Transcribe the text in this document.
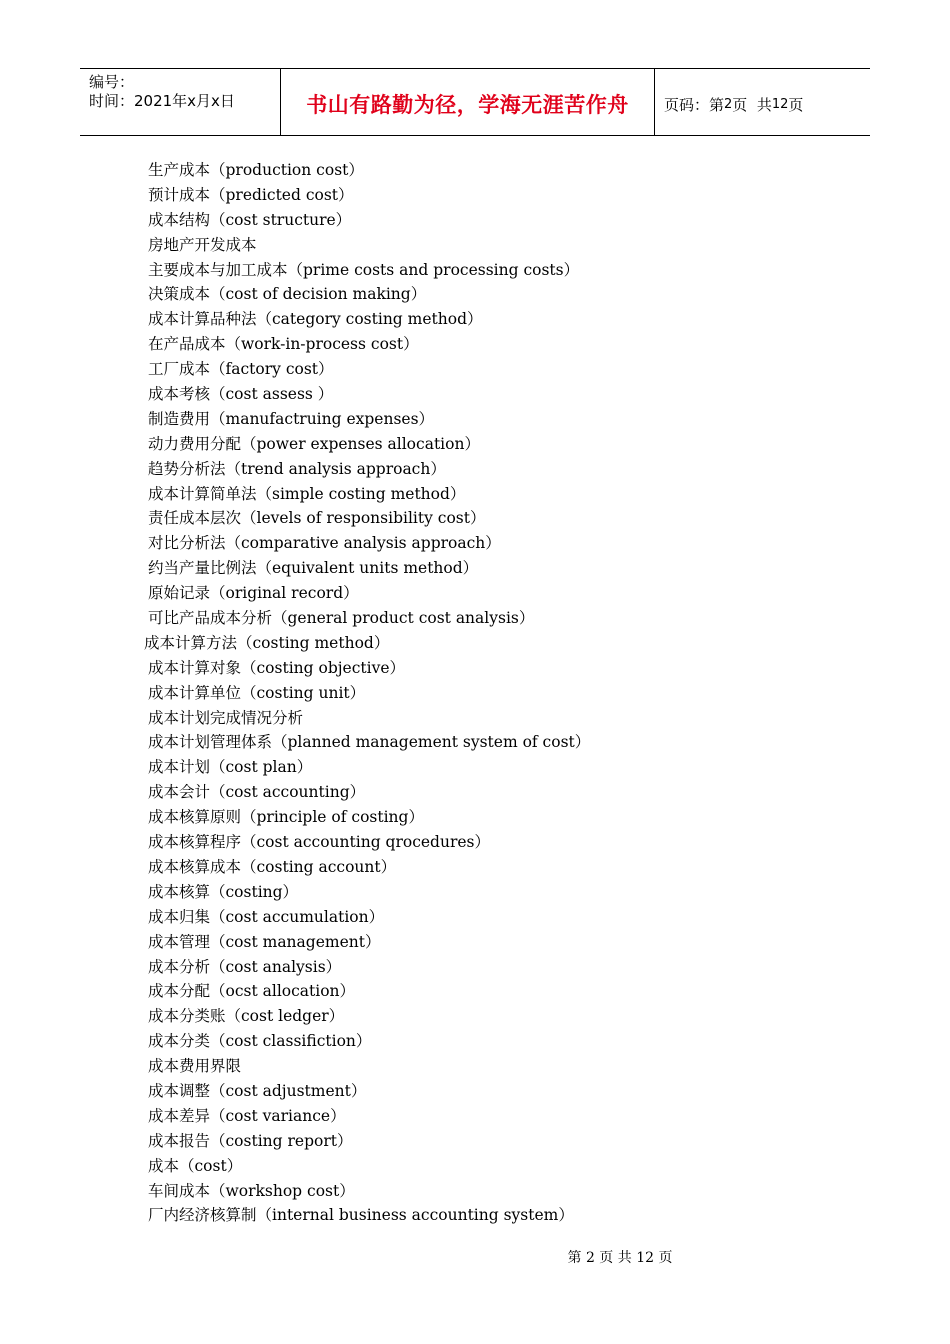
编号：
时间：2021年x月x日	书山有路勤为径，学海无涯苦作舟	页码：第 2 页  共 12 页
生产成本（production cost）
预计成本（predicted cost）
成本结构（cost structure）
房地产开发成本
主要成本与加工成本（prime costs and processing costs）
决策成本（cost of decision making）
成本计算品种法（category costing method）
在产品成本（work-in-process cost）
工厂成本（factory cost）
成本考核（cost assess ）
制造费用（manufactruing expenses）
动力费用分配（power expenses allocation）
趋势分析法（trend analysis approach）
成本计算简单法（simple costing method）
责任成本层次（levels of responsibility cost）
对比分析法（comparative analysis approach）
约当产量比例法（equivalent units method）
原始记录（original record）
可比产品成本分析（general product cost analysis）
成本计算方法（costing method）
成本计算对象（costing objective）
成本计算单位（costing unit）
成本计划完成情况分析
成本计划管理体系（planned management system of cost）
成本计划（cost plan）
成本会计（cost accounting）
成本核算原则（principle of costing）
成本核算程序（cost accounting qrocedures）
成本核算成本（costing account）
成本核算（costing）
成本归集（cost accumulation）
成本管理（cost management）
成本分析（cost analysis）
成本分配（ocst allocation）
成本分类账（cost ledger）
成本分类（cost classifiction）
成本费用界限
成本调整（cost adjustment）
成本差异（cost variance）
成本报告（costing report）
成本（cost）
车间成本（workshop cost）
厂内经济核算制（internal business accounting system）
第 2 页 共 12 页
